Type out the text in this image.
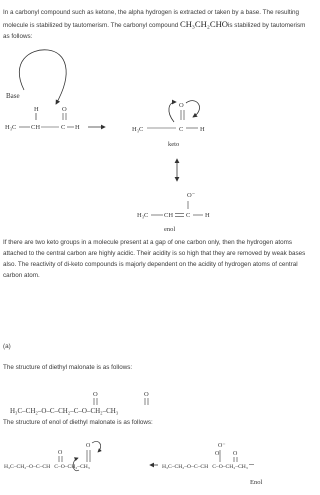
In a carbonyl compound such as ketone, the alpha hydrogen is extracted or taken by a base. The resulting molecule is stabilized by tautomerism. The carbonyl compound CH₃CH₂CHOis stabilized by tautomerism as follows:

Base
H	O
H₃C CH	C H
O
H₃C	C	H
keto
O⁻
H₃C CH C H
enol

If there are two keto groups in a molecule present at a gap of one carbon only, then the hydrogen atoms attached to the central carbon are highly acidic. Their acidity is so high that they are removed by weak bases also. The reactivity of di-keto compounds is majorly dependent on the acidity of hydrogen atoms of central carbon atom.

(a)

The structure of diethyl malonate is as follows:

O	O
H₃C–CH₂–O–C–CH₂–C–O–CH₂–CH₃

The structure of enol of diethyl malonate is as follows:

O
O
H₃C–CH₂–O–C–CH C–O–CH₂–CH₃
O⁻
O O
H₃C–CH₂–O–C–CH C–O–CH₂–CH₃
Enol
